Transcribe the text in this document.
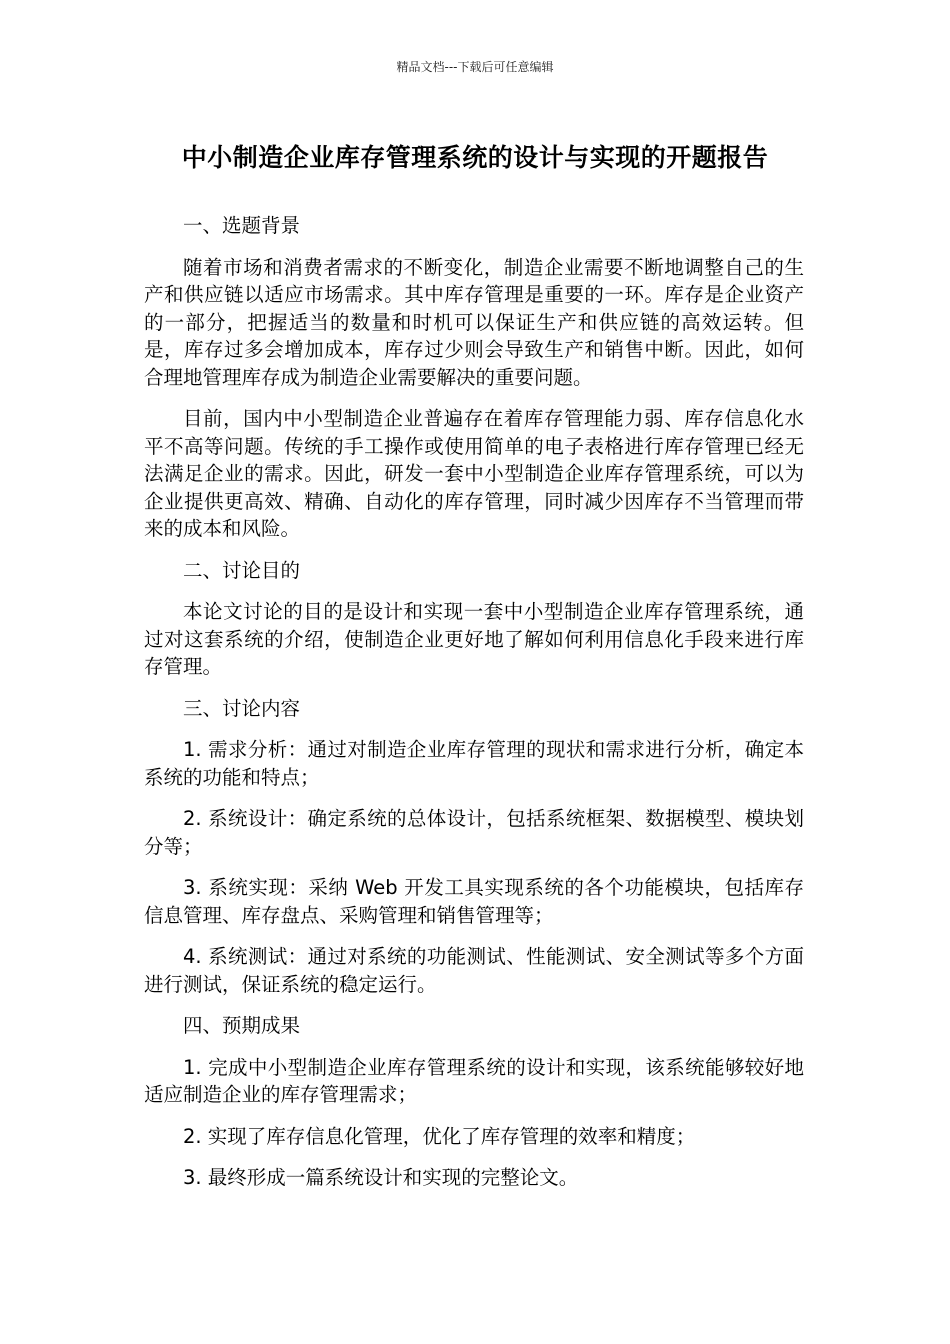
精品文档---下载后可任意编辑
中小制造企业库存管理系统的设计与实现的开题报告

一、选题背景

随着市场和消费者需求的不断变化，制造企业需要不断地调整自己的生产和供应链以适应市场需求。其中库存管理是重要的一环。库存是企业资产的一部分，把握适当的数量和时机可以保证生产和供应链的高效运转。但是，库存过多会增加成本，库存过少则会导致生产和销售中断。因此，如何合理地管理库存成为制造企业需要解决的重要问题。

目前，国内中小型制造企业普遍存在着库存管理能力弱、库存信息化水平不高等问题。传统的手工操作或使用简单的电子表格进行库存管理已经无法满足企业的需求。因此，研发一套中小型制造企业库存管理系统，可以为企业提供更高效、精确、自动化的库存管理，同时减少因库存不当管理而带来的成本和风险。

二、讨论目的

本论文讨论的目的是设计和实现一套中小型制造企业库存管理系统，通过对这套系统的介绍，使制造企业更好地了解如何利用信息化手段来进行库存管理。

三、讨论内容

1. 需求分析：通过对制造企业库存管理的现状和需求进行分析，确定本系统的功能和特点；

2. 系统设计：确定系统的总体设计，包括系统框架、数据模型、模块划分等；

3. 系统实现：采纳 Web 开发工具实现系统的各个功能模块，包括库存信息管理、库存盘点、采购管理和销售管理等；

4. 系统测试：通过对系统的功能测试、性能测试、安全测试等多个方面进行测试，保证系统的稳定运行。

四、预期成果

1. 完成中小型制造企业库存管理系统的设计和实现，该系统能够较好地适应制造企业的库存管理需求；

2. 实现了库存信息化管理，优化了库存管理的效率和精度；

3. 最终形成一篇系统设计和实现的完整论文。
